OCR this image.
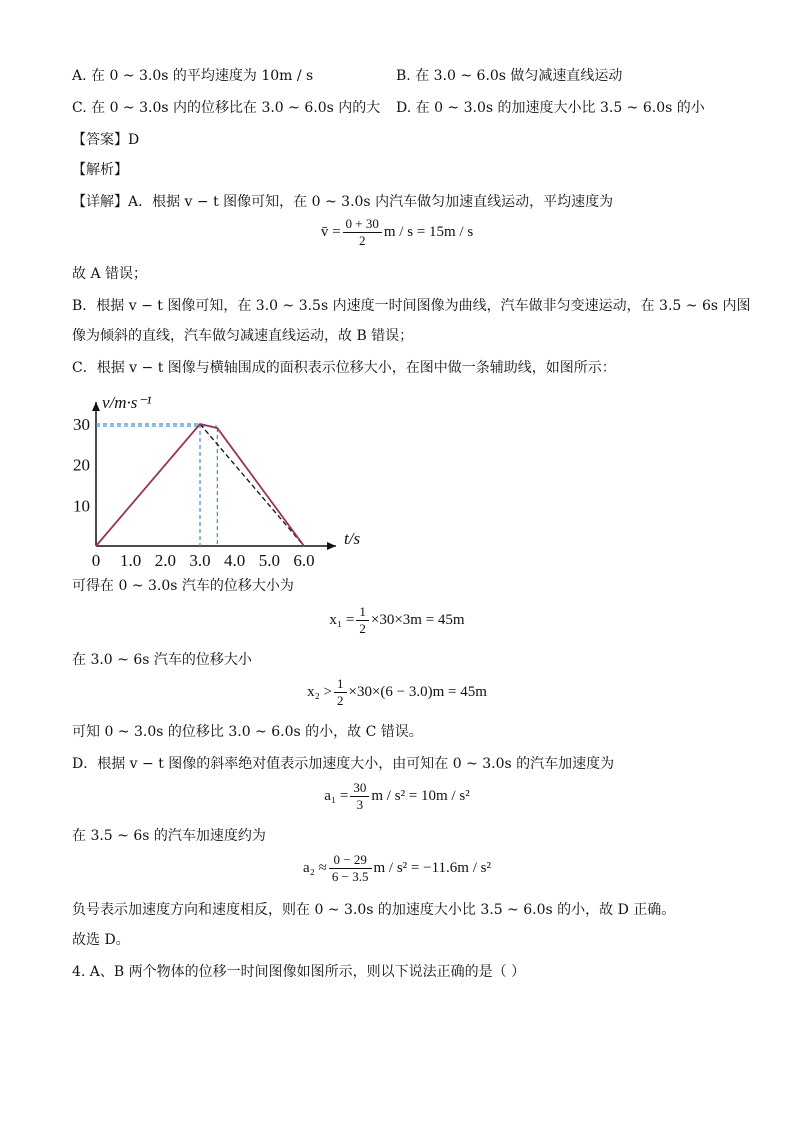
A. 在 0 ~ 3.0s 的平均速度为 10m / s	B. 在 3.0 ~ 6.0s 做匀减速直线运动
C. 在 0 ~ 3.0s 内的位移比在 3.0 ~ 6.0s 内的大 D. 在 0 ~ 3.0s 的加速度大小比 3.5 ~ 6.0s 的小
【答案】D
【解析】
【详解】A．根据 v − t 图像可知，在 0 ~ 3.0s 内汽车做匀加速直线运动，平均速度为
v̄ = $\frac{0 + 30}{2}$ m / s = 15m / s
故 A 错误；
B．根据 v − t 图像可知，在 3.0 ~ 3.5s 内速度一时间图像为曲线，汽车做非匀变速运动，在 3.5 ~ 6s 内图
像为倾斜的直线，汽车做匀减速直线运动，故 B 错误；
C．根据 v − t 图像与横轴围成的面积表示位移大小，在图中做一条辅助线，如图所示：
v/m·s⁻¹
t/s
0 1.0 2.0 3.0 4.0 5.0 6.0
10
20
30
可得在 0 ~ 3.0s 汽车的位移大小为
$x_1 = \frac{1}{2} \times 30\times 3m = 45m$
在 3.0 ~ 6s 汽车的位移大小
$x_2 > \frac{1}{2} \times 30\times(6 - 3.0)m = 45m$
可知 0 ~ 3.0s 的位移比 3.0 ~ 6.0s 的小，故 C 错误。
D．根据 v − t 图像的斜率绝对值表示加速度大小，由可知在 0 ~ 3.0s 的汽车加速度为
$a_1 = \frac{30}{3}$ m / s² = 10m / s²
在 3.5 ~ 6s 的汽车加速度约为
$a_2 \approx \frac{0 - 29}{6 - 3.5}$ m / s² = −11.6m / s²
负号表示加速度方向和速度相反，则在 0 ~ 3.0s 的加速度大小比 3.5 ~ 6.0s 的小，故 D 正确。
故选 D。
4. A、B 两个物体的位移一时间图像如图所示，则以下说法正确的是（ ）
